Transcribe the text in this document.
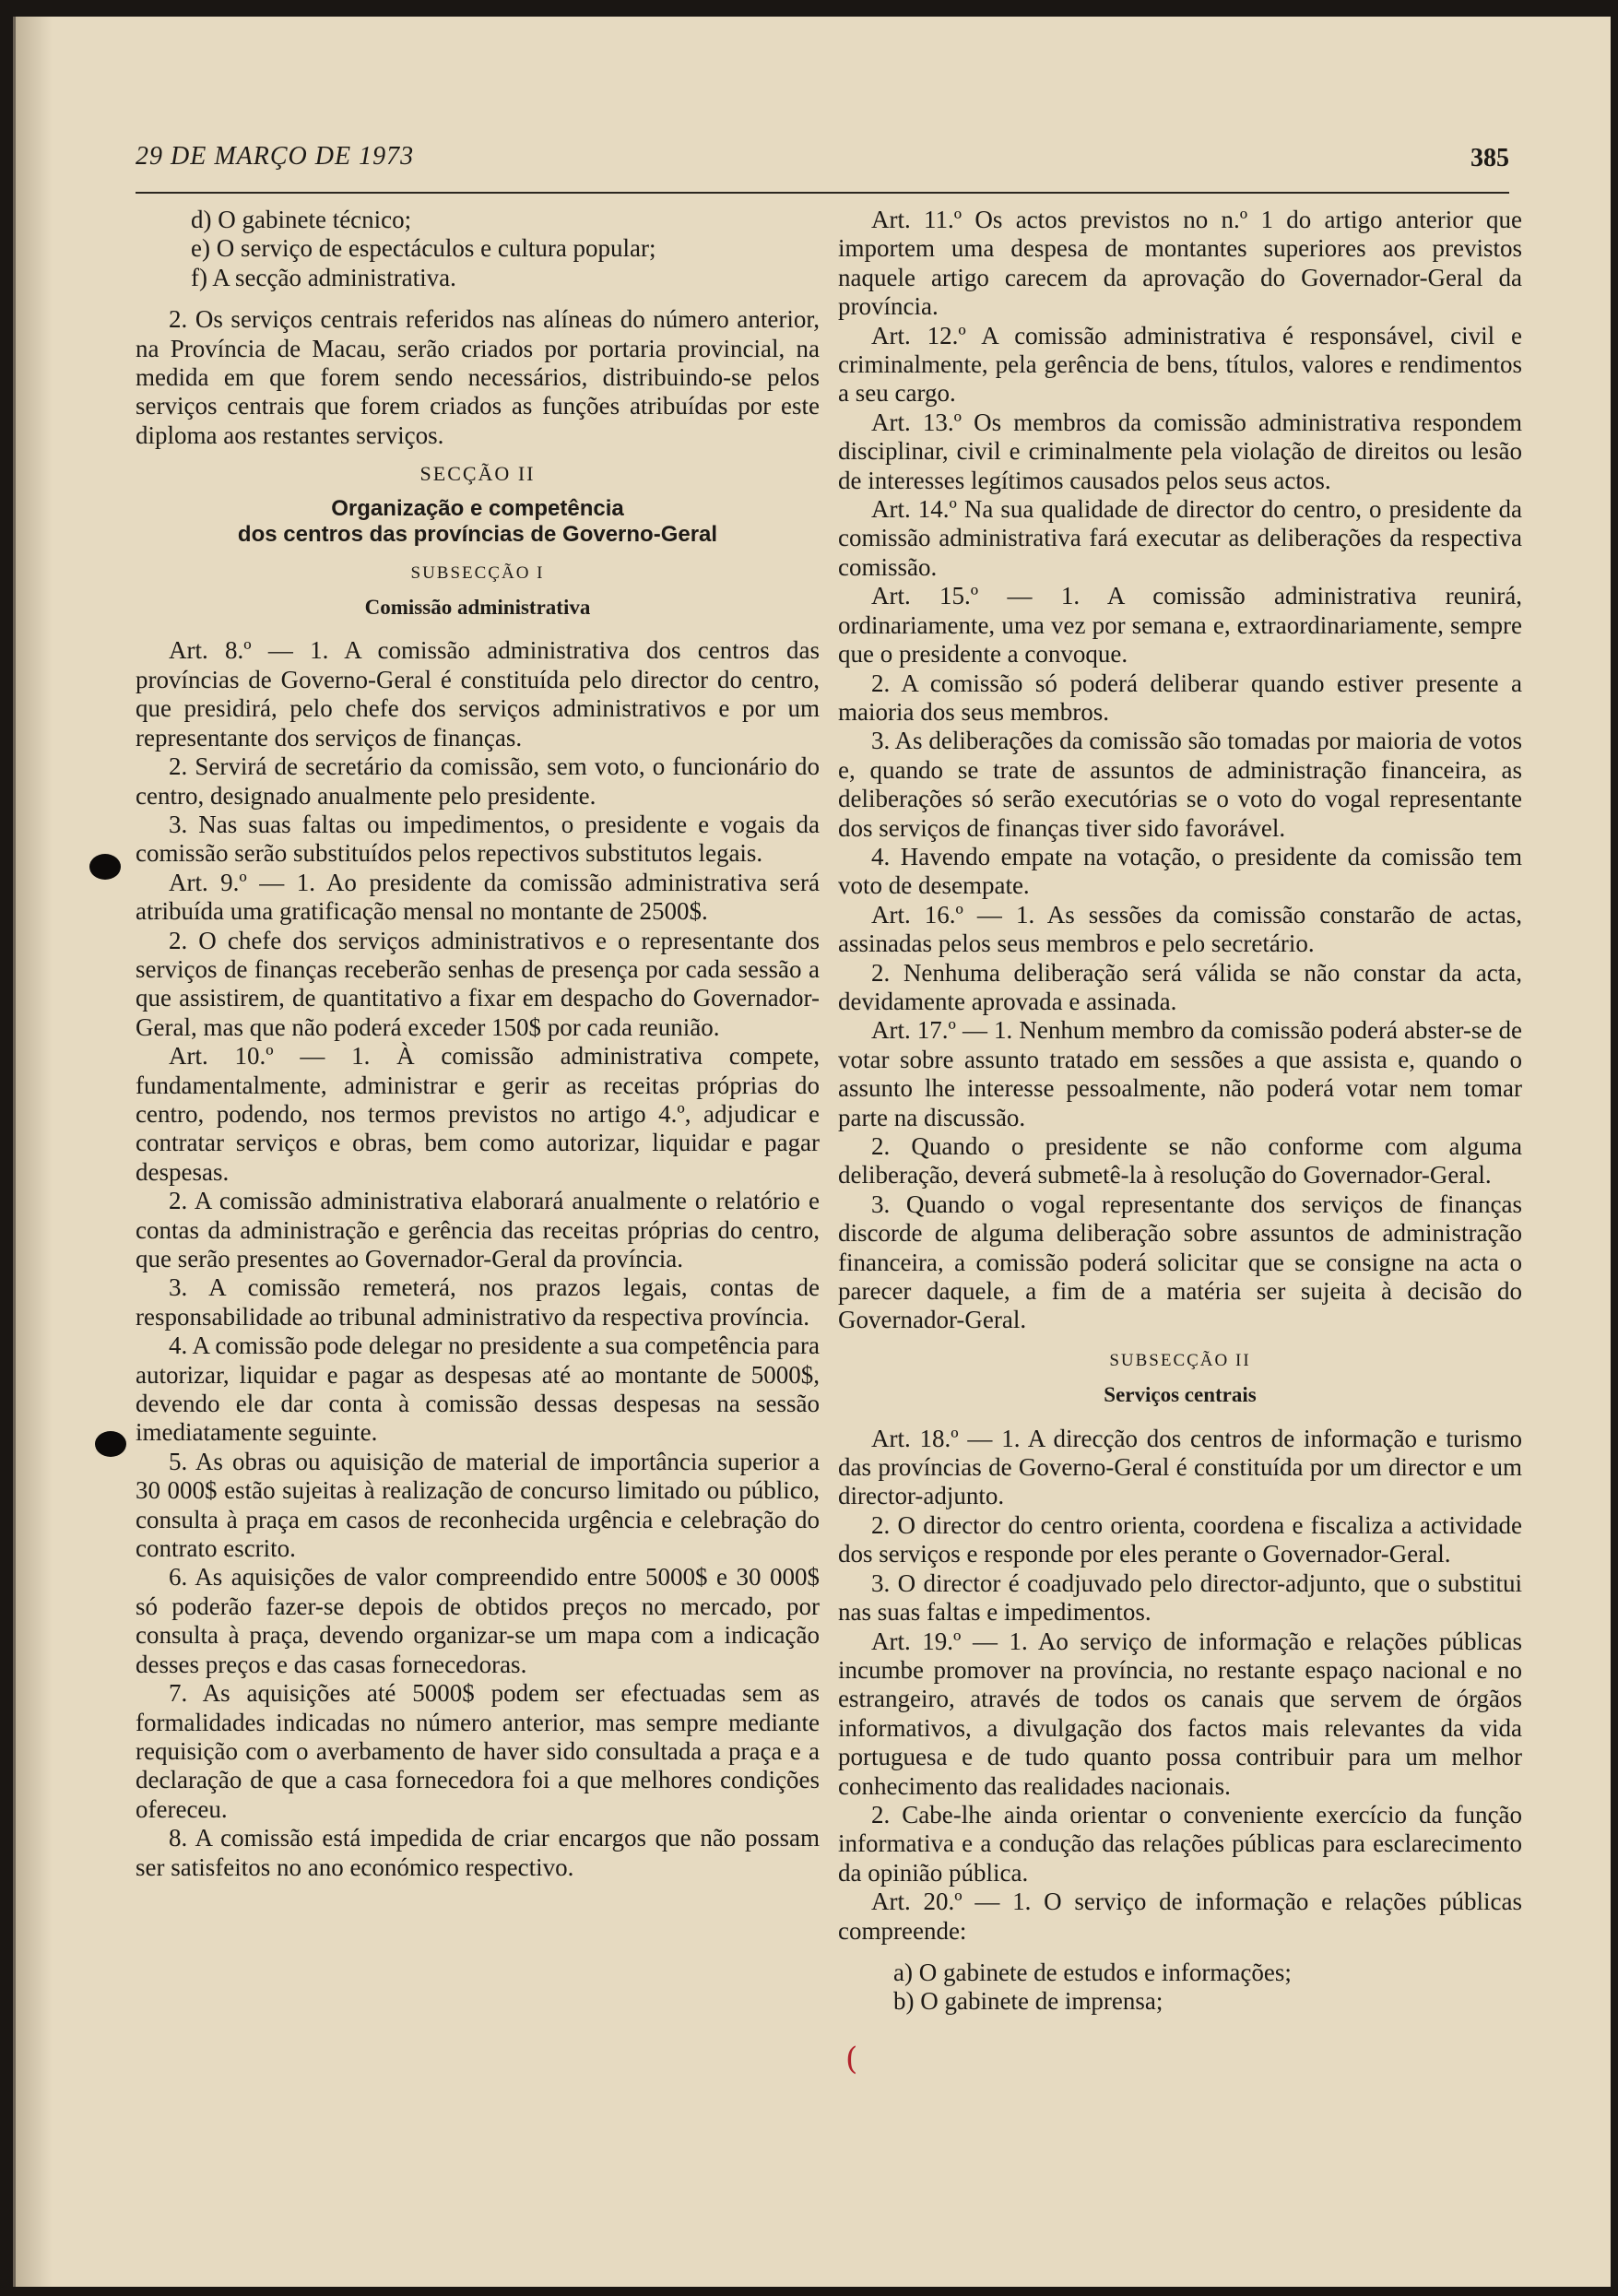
29 DE MARÇO DE 1973	385

d) O gabinete técnico;

e) O serviço de espectáculos e cultura popular;

f) A secção administrativa.

2. Os serviços centrais referidos nas alíneas do número anterior, na Província de Macau, serão criados por portaria provincial, na medida em que forem sendo necessários, distribuindo-se pelos serviços centrais que forem criados as funções atribuídas por este diploma aos restantes serviços.

SECÇÃO II
Organização e competência
dos centros das províncias de Governo-Geral
SUBSECÇÃO I
Comissão administrativa

Art. 8.º — 1. A comissão administrativa dos centros das províncias de Governo-Geral é constituída pelo director do centro, que presidirá, pelo chefe dos serviços administrativos e por um representante dos serviços de finanças.

2. Servirá de secretário da comissão, sem voto, o funcionário do centro, designado anualmente pelo presidente.

3. Nas suas faltas ou impedimentos, o presidente e vogais da comissão serão substituídos pelos repectivos substitutos legais.

Art. 9.º — 1. Ao presidente da comissão administrativa será atribuída uma gratificação mensal no montante de 2500$.

2. O chefe dos serviços administrativos e o representante dos serviços de finanças receberão senhas de presença por cada sessão a que assistirem, de quantitativo a fixar em despacho do Governador-Geral, mas que não poderá exceder 150$ por cada reunião.

Art. 10.º — 1. À comissão administrativa compete, fundamentalmente, administrar e gerir as receitas próprias do centro, podendo, nos termos previstos no artigo 4.º, adjudicar e contratar serviços e obras, bem como autorizar, liquidar e pagar despesas.

2. A comissão administrativa elaborará anualmente o relatório e contas da administração e gerência das receitas próprias do centro, que serão presentes ao Governador-Geral da província.

3. A comissão remeterá, nos prazos legais, contas de responsabilidade ao tribunal administrativo da respectiva província.

4. A comissão pode delegar no presidente a sua competência para autorizar, liquidar e pagar as despesas até ao montante de 5000$, devendo ele dar conta à comissão dessas despesas na sessão imediatamente seguinte.

5. As obras ou aquisição de material de importância superior a 30 000$ estão sujeitas à realização de concurso limitado ou público, consulta à praça em casos de reconhecida urgência e celebração do contrato escrito.

6. As aquisições de valor compreendido entre 5000$ e 30 000$ só poderão fazer-se depois de obtidos preços no mercado, por consulta à praça, devendo organizar-se um mapa com a indicação desses preços e das casas fornecedoras.

7. As aquisições até 5000$ podem ser efectuadas sem as formalidades indicadas no número anterior, mas sempre mediante requisição com o averbamento de haver sido consultada a praça e a declaração de que a casa fornecedora foi a que melhores condições ofereceu.

8. A comissão está impedida de criar encargos que não possam ser satisfeitos no ano económico respectivo.

Art. 11.º Os actos previstos no n.º 1 do artigo anterior que importem uma despesa de montantes superiores aos previstos naquele artigo carecem da aprovação do Governador-Geral da província.

Art. 12.º A comissão administrativa é responsável, civil e criminalmente, pela gerência de bens, títulos, valores e rendimentos a seu cargo.

Art. 13.º Os membros da comissão administrativa respondem disciplinar, civil e criminalmente pela violação de direitos ou lesão de interesses legítimos causados pelos seus actos.

Art. 14.º Na sua qualidade de director do centro, o presidente da comissão administrativa fará executar as deliberações da respectiva comissão.

Art. 15.º — 1. A comissão administrativa reunirá, ordinariamente, uma vez por semana e, extraordinariamente, sempre que o presidente a convoque.

2. A comissão só poderá deliberar quando estiver presente a maioria dos seus membros.

3. As deliberações da comissão são tomadas por maioria de votos e, quando se trate de assuntos de administração financeira, as deliberações só serão executórias se o voto do vogal representante dos serviços de finanças tiver sido favorável.

4. Havendo empate na votação, o presidente da comissão tem voto de desempate.

Art. 16.º — 1. As sessões da comissão constarão de actas, assinadas pelos seus membros e pelo secretário.

2. Nenhuma deliberação será válida se não constar da acta, devidamente aprovada e assinada.

Art. 17.º — 1. Nenhum membro da comissão poderá abster-se de votar sobre assunto tratado em sessões a que assista e, quando o assunto lhe interesse pessoalmente, não poderá votar nem tomar parte na discussão.

2. Quando o presidente se não conforme com alguma deliberação, deverá submetê-la à resolução do Governador-Geral.

3. Quando o vogal representante dos serviços de finanças discorde de alguma deliberação sobre assuntos de administração financeira, a comissão poderá solicitar que se consigne na acta o parecer daquele, a fim de a matéria ser sujeita à decisão do Governador-Geral.

SUBSECÇÃO II
Serviços centrais

Art. 18.º — 1. A direcção dos centros de informação e turismo das províncias de Governo-Geral é constituída por um director e um director-adjunto.

2. O director do centro orienta, coordena e fiscaliza a actividade dos serviços e responde por eles perante o Governador-Geral.

3. O director é coadjuvado pelo director-adjunto, que o substitui nas suas faltas e impedimentos.

Art. 19.º — 1. Ao serviço de informação e relações públicas incumbe promover na província, no restante espaço nacional e no estrangeiro, através de todos os canais que servem de órgãos informativos, a divulgação dos factos mais relevantes da vida portuguesa e de tudo quanto possa contribuir para um melhor conhecimento das realidades nacionais.

2. Cabe-lhe ainda orientar o conveniente exercício da função informativa e a condução das relações públicas para esclarecimento da opinião pública.

Art. 20.º — 1. O serviço de informação e relações públicas compreende:

a) O gabinete de estudos e informações;

b) O gabinete de imprensa;

(
